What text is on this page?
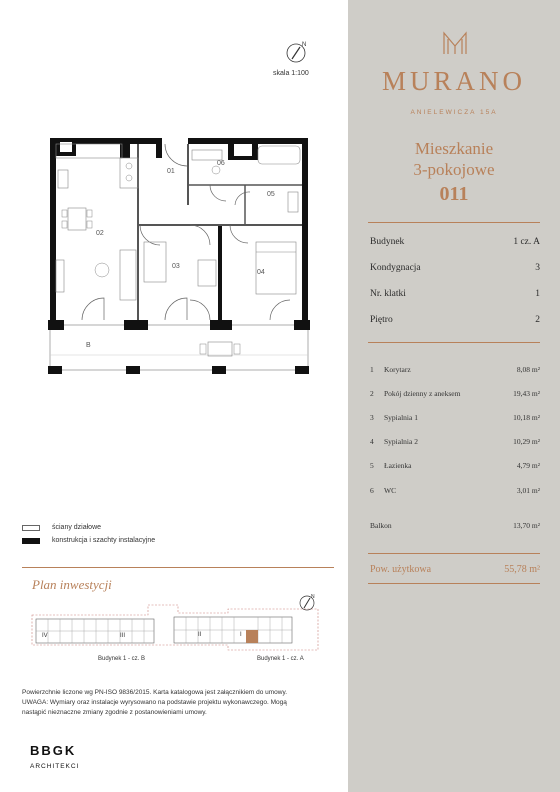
N
skala 1:100
01
02
03
04
05
06
B
ściany działowe
konstrukcja i szachty instalacyjne
Plan inwestycji
IV	III	II	I
N
Budynek 1 - cz. B	Budynek 1 - cz. A
Powierzchnie liczone wg PN-ISO 9836/2015. Karta katalogowa jest załącznikiem do umowy.
UWAGA: Wymiary oraz instalacje wyrysowano na podstawie projektu wykonawczego. Mogą
nastąpić nieznaczne zmiany zgodnie z postanowieniami umowy.
BBGK
ARCHITEKCI
MURANO
ANIELEWICZA 15A
Mieszkanie
3-pokojowe
011
Budynek	1 cz. A
Kondygnacja	3
Nr. klatki	1
Piętro	2
1 Korytarz	8,08 m²
2 Pokój dzienny z aneksem	19,43 m²
3 Sypialnia 1	10,18 m²
4 Sypialnia 2	10,29 m²
5 Łazienka	4,79 m²
6 WC	3,01 m²
Balkon	13,70 m²
Pow. użytkowa	55,78 m²
